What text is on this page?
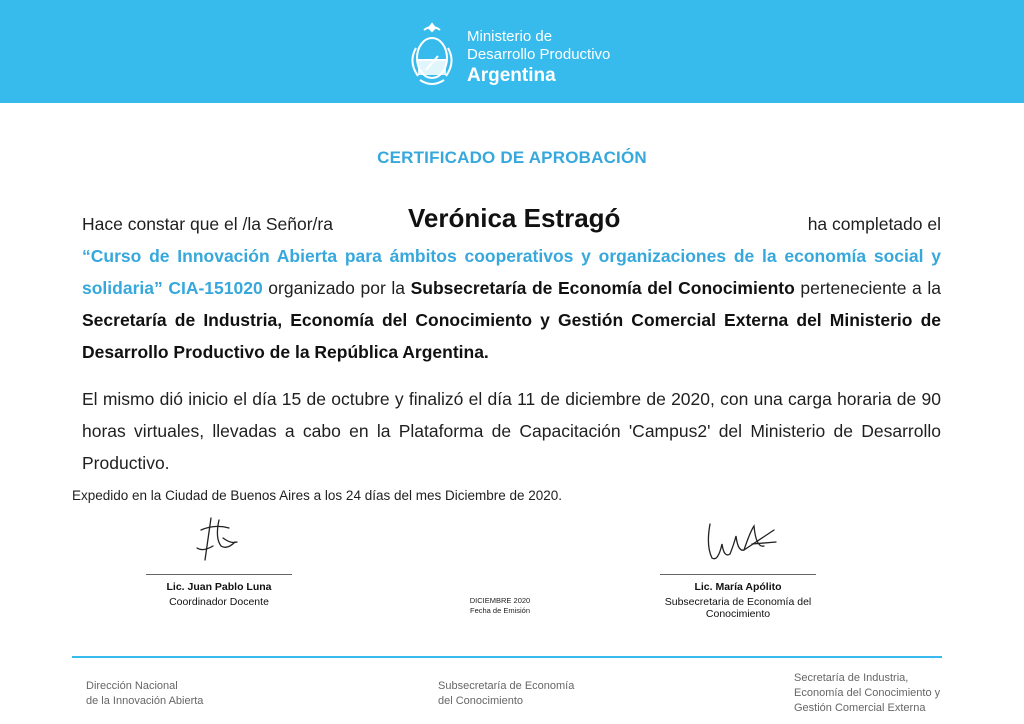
Ministerio de
Desarrollo Productivo
Argentina
CERTIFICADO DE APROBACIÓN
Hace constar que el /la Señor/ra	Verónica Estragó	ha completado el
“Curso de Innovación Abierta para ámbitos cooperativos y organizaciones de la economía social y solidaria” CIA-151020 organizado por la Subsecretaría de Economía del Conocimiento perteneciente a la Secretaría de Industria, Economía del Conocimiento y Gestión Comercial Externa del Ministerio de Desarrollo Productivo de la República Argentina.
El mismo dió inicio el día 15 de octubre y finalizó el día 11 de diciembre de 2020, con una carga horaria de 90 horas virtuales, llevadas a cabo en la Plataforma de Capacitación 'Campus2' del Ministerio de Desarrollo Productivo.
Expedido en la Ciudad de Buenos Aires a los 24 días del mes Diciembre de 2020.
Lic. Juan Pablo Luna
Coordinador Docente	DICIEMBRE 2020
Fecha de Emisión
Lic. María Apólito
Subsecretaria de Economía del
Conocimiento
Dirección Nacional
de la Innovación Abierta
Subsecretaría de Economía
del Conocimiento
Secretaría de Industria,
Economía del Conocimiento y
Gestión Comercial Externa
